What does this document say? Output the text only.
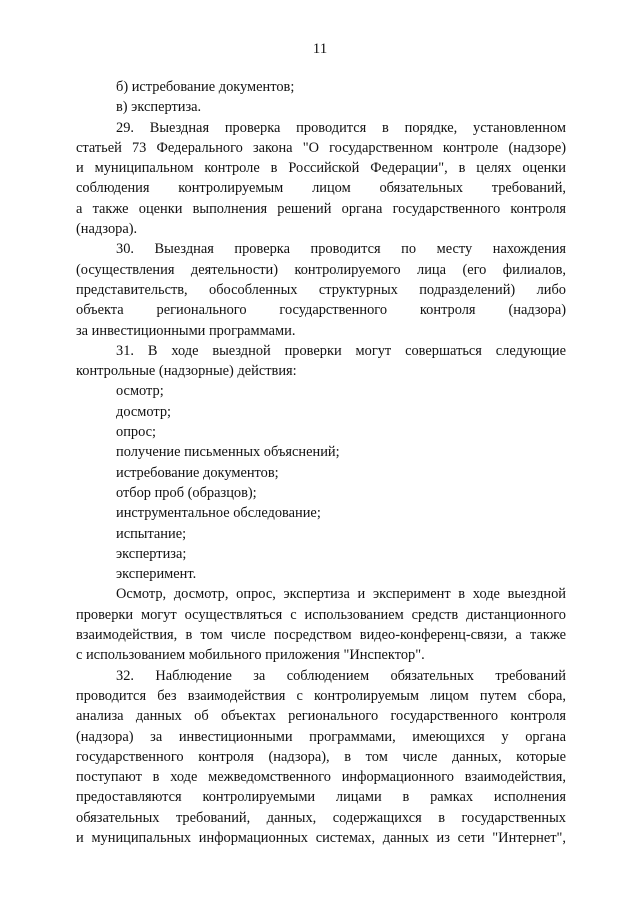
11

б) истребование документов;

в) экспертиза.

29. Выездная проверка проводится в порядке, установленном

статьей 73 Федерального закона "О государственном контроле (надзоре)

и муниципальном контроле в Российской Федерации", в целях оценки

соблюдения контролируемым лицом обязательных требований,

а также оценки выполнения решений органа государственного контроля

(надзора).

30. Выездная проверка проводится по месту нахождения

(осуществления деятельности) контролируемого лица (его филиалов,

представительств, обособленных структурных подразделений) либо

объекта регионального государственного контроля (надзора)

за инвестиционными программами.

31. В ходе выездной проверки могут совершаться следующие

контрольные (надзорные) действия:

осмотр;

досмотр;

опрос;

получение письменных объяснений;

истребование документов;

отбор проб (образцов);

инструментальное обследование;

испытание;

экспертиза;

эксперимент.

Осмотр, досмотр, опрос, экспертиза и эксперимент в ходе выездной

проверки могут осуществляться с использованием средств дистанционного

взаимодействия, в том числе посредством видео-конференц-связи, а также

с использованием мобильного приложения "Инспектор".

32. Наблюдение за соблюдением обязательных требований

проводится без взаимодействия с контролируемым лицом путем сбора,

анализа данных об объектах регионального государственного контроля

(надзора) за инвестиционными программами, имеющихся у органа

государственного контроля (надзора), в том числе данных, которые

поступают в ходе межведомственного информационного взаимодействия,

предоставляются контролируемыми лицами в рамках исполнения

обязательных требований, данных, содержащихся в государственных

и муниципальных информационных системах, данных из сети "Интернет",
